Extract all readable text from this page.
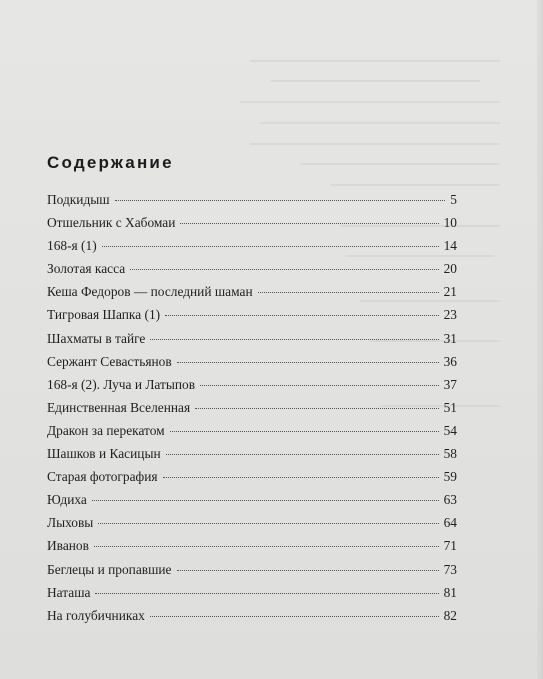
Содержание
Подкидыш	5
Отшельник с Хабомаи	10
168-я (1)	14
Золотая касса	20
Кеша Федоров — последний шаман	21
Тигровая Шапка (1)	23
Шахматы в тайге	31
Сержант Севастьянов	36
168-я (2). Луча и Латыпов	37
Единственная Вселенная	51
Дракон за перекатом	54
Шашков и Касицын	58
Старая фотография	59
Юдиха	63
Лыховы	64
Иванов	71
Беглецы и пропавшие	73
Наташа	81
На голубичниках	82
